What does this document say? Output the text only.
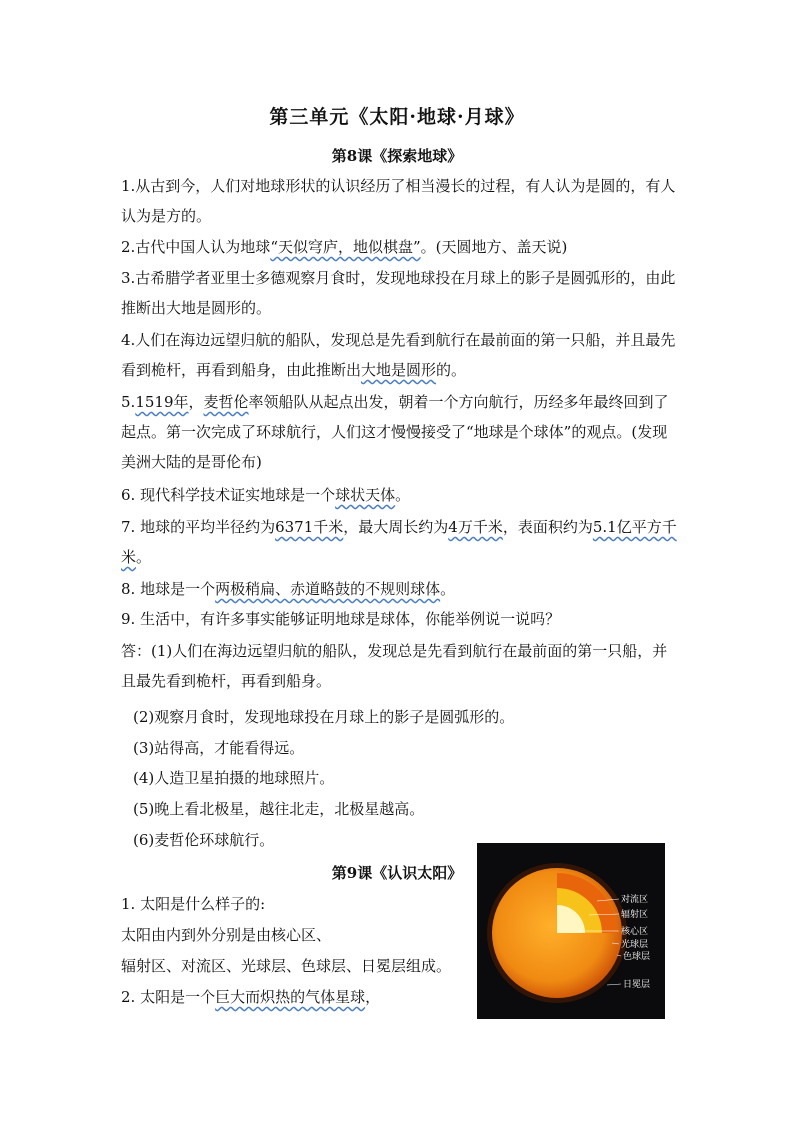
第三单元《太阳·地球·月球》
第8课《探索地球》

1.从古到今，人们对地球形状的认识经历了相当漫长的过程，有人认为是圆的，有人认为是方的。

2.古代中国人认为地球“天似穹庐，地似棋盘”。(天圆地方、盖天说)

3.古希腊学者亚里士多德观察月食时，发现地球投在月球上的影子是圆弧形的，由此推断出大地是圆形的。

4.人们在海边远望归航的船队，发现总是先看到航行在最前面的第一只船，并且最先看到桅杆，再看到船身，由此推断出大地是圆形的。

5.1519年，麦哲伦率领船队从起点出发，朝着一个方向航行，历经多年最终回到了起点。第一次完成了环球航行，人们这才慢慢接受了“地球是个球体”的观点。(发现美洲大陆的是哥伦布)

6. 现代科学技术证实地球是一个球状天体。

7. 地球的平均半径约为6371千米，最大周长约为4万千米，表面积约为5.1亿平方千米。

8. 地球是一个两极稍扁、赤道略鼓的不规则球体。

9. 生活中，有许多事实能够证明地球是球体，你能举例说一说吗？

答：(1)人们在海边远望归航的船队，发现总是先看到航行在最前面的第一只船，并且最先看到桅杆，再看到船身。

(2)观察月食时，发现地球投在月球上的影子是圆弧形的。

(3)站得高，才能看得远。

(4)人造卫星拍摄的地球照片。

(5)晚上看北极星，越往北走，北极星越高。

(6)麦哲伦环球航行。

第9课《认识太阳》

1. 太阳是什么样子的:

太阳由内到外分别是由核心区、

辐射区、对流区、光球层、色球层、日冕层组成。

2. 太阳是一个巨大而炽热的气体星球，

对流区
辐射区
核心区
光球层
色球层
日冕层
